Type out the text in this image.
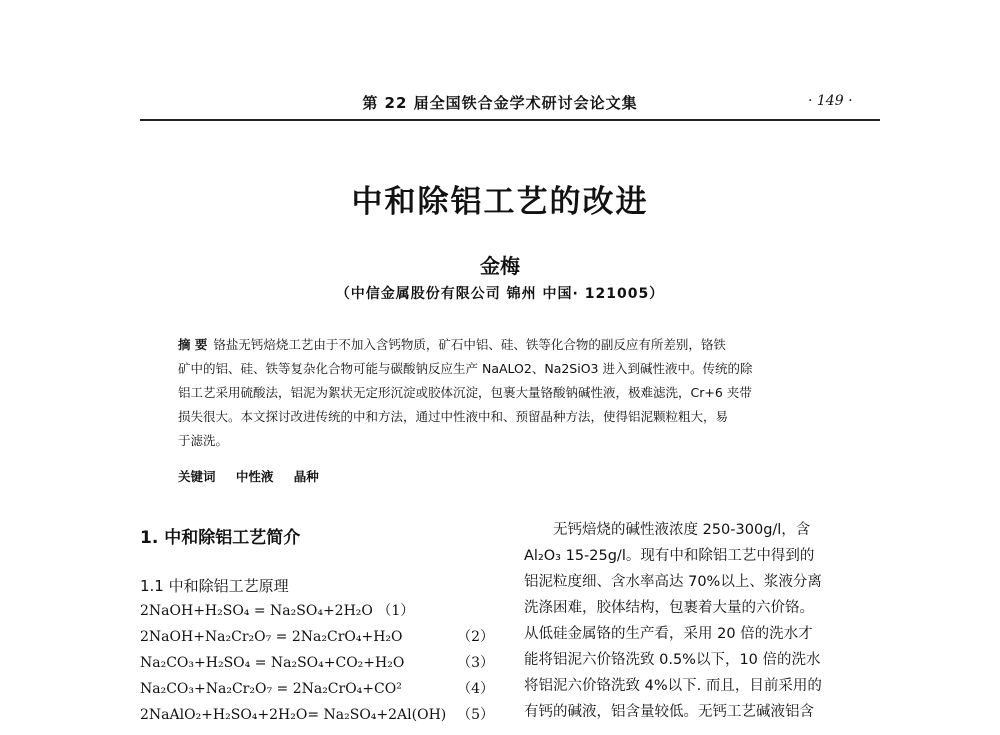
第 22 届全国铁合金学术研讨会论文集	· 149 ·
中和除铝工艺的改进
金梅
（中信金属股份有限公司 锦州 中国· 121005）
摘 要 铬盐无钙焙烧工艺由于不加入含钙物质，矿石中铝、硅、铁等化合物的副反应有所差别，铬铁
矿中的铝、硅、铁等复杂化合物可能与碳酸钠反应生产 NaALO2、Na2SiO3 进入到碱性液中。传统的除
铝工艺采用硫酸法，铝泥为絮状无定形沉淀或胶体沉淀，包裹大量铬酸钠碱性液，极难滤洗，Cr+6 夹带
损失很大。本文探讨改进传统的中和方法，通过中性液中和、预留晶种方法，使得铝泥颗粒粗大，易
于滤洗。
关键词 中性液 晶种
1. 中和除铝工艺简介
1.1 中和除铝工艺原理
2NaOH+H₂SO₄ = Na₂SO₄+2H₂O （1）
2NaOH+Na₂Cr₂O₇ = 2Na₂CrO₄+H₂O	（2）
Na₂CO₃+H₂SO₄ = Na₂SO₄+CO₂+H₂O	（3）
Na₂CO₃+Na₂Cr₂O₇ = 2Na₂CrO₄+CO²	（4）
2NaAlO₂+H₂SO₄+2H₂O= Na₂SO₄+2Al(OH) （5）
　　无钙焙烧的碱性液浓度 250-300g/l，含
Al₂O₃ 15-25g/l。现有中和除铝工艺中得到的
铝泥粒度细、含水率高达 70%以上、浆液分离
洗涤困难，胶体结构，包裹着大量的六价铬。
从低硅金属铬的生产看，采用 20 倍的洗水才
能将铝泥六价铬洗致 0.5%以下，10 倍的洗水
将铝泥六价铬洗致 4%以下. 而且，目前采用的
有钙的碱液，铝含量较低。无钙工艺碱液铝含
